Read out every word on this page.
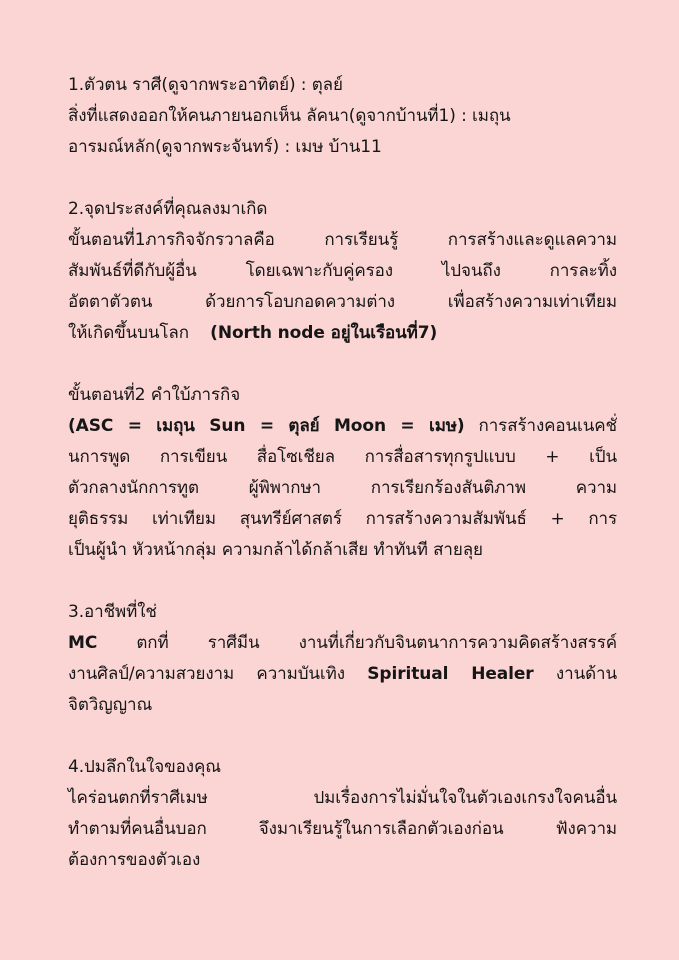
1.ตัวตน ราศี(ดูจากพระอาทิตย์) : ตุลย์
สิ่งที่แสดงออกให้คนภายนอกเห็น ลัคนา(ดูจากบ้านที่1) : เมถุน
อารมณ์หลัก(ดูจากพระจันทร์) : เมษ บ้าน11
2.จุดประสงค์ที่คุณลงมาเกิด
ขั้นตอนที่1ภารกิจจักรวาลคือ การเรียนรู้ การสร้างและดูแลความ
สัมพันธ์ที่ดีกับผู้อื่น โดยเฉพาะกับคู่ครอง ไปจนถึง การละทิ้ง
อัตตาตัวตน ด้วยการโอบกอดความต่าง เพื่อสร้างความเท่าเทียม
ให้เกิดขึ้นบนโลก (North node อยู่ในเรือนที่7)
ขั้นตอนที่2 คำใบ้ภารกิจ
(ASC = เมถุน Sun = ตุลย์ Moon = เมษ) การสร้างคอนเนคชั่
นการพูด การเขียน สื่อโซเชียล การสื่อสารทุกรูปแบบ + เป็น
ตัวกลางนักการทูต ผู้พิพากษา การเรียกร้องสันติภาพ ความ
ยุติธรรม เท่าเทียม สุนทรีย์ศาสตร์ การสร้างความสัมพันธ์ + การ
เป็นผู้นำ หัวหน้ากลุ่ม ความกล้าได้กล้าเสีย ทำทันที สายลุย
3.อาชีพที่ใช่
MC ตกที่ ราศีมีน งานที่เกี่ยวกับจินตนาการความคิดสร้างสรรค์
งานศิลป์/ความสวยงาม ความบันเทิง Spiritual Healer งานด้าน
จิตวิญญาณ
4.ปมลึกในใจของคุณ
ไคร่อนตกที่ราศีเมษ ปมเรื่องการไม่มั่นใจในตัวเองเกรงใจคนอื่น
ทำตามที่คนอื่นบอก จึงมาเรียนรู้ในการเลือกตัวเองก่อน ฟังความ
ต้องการของตัวเอง
